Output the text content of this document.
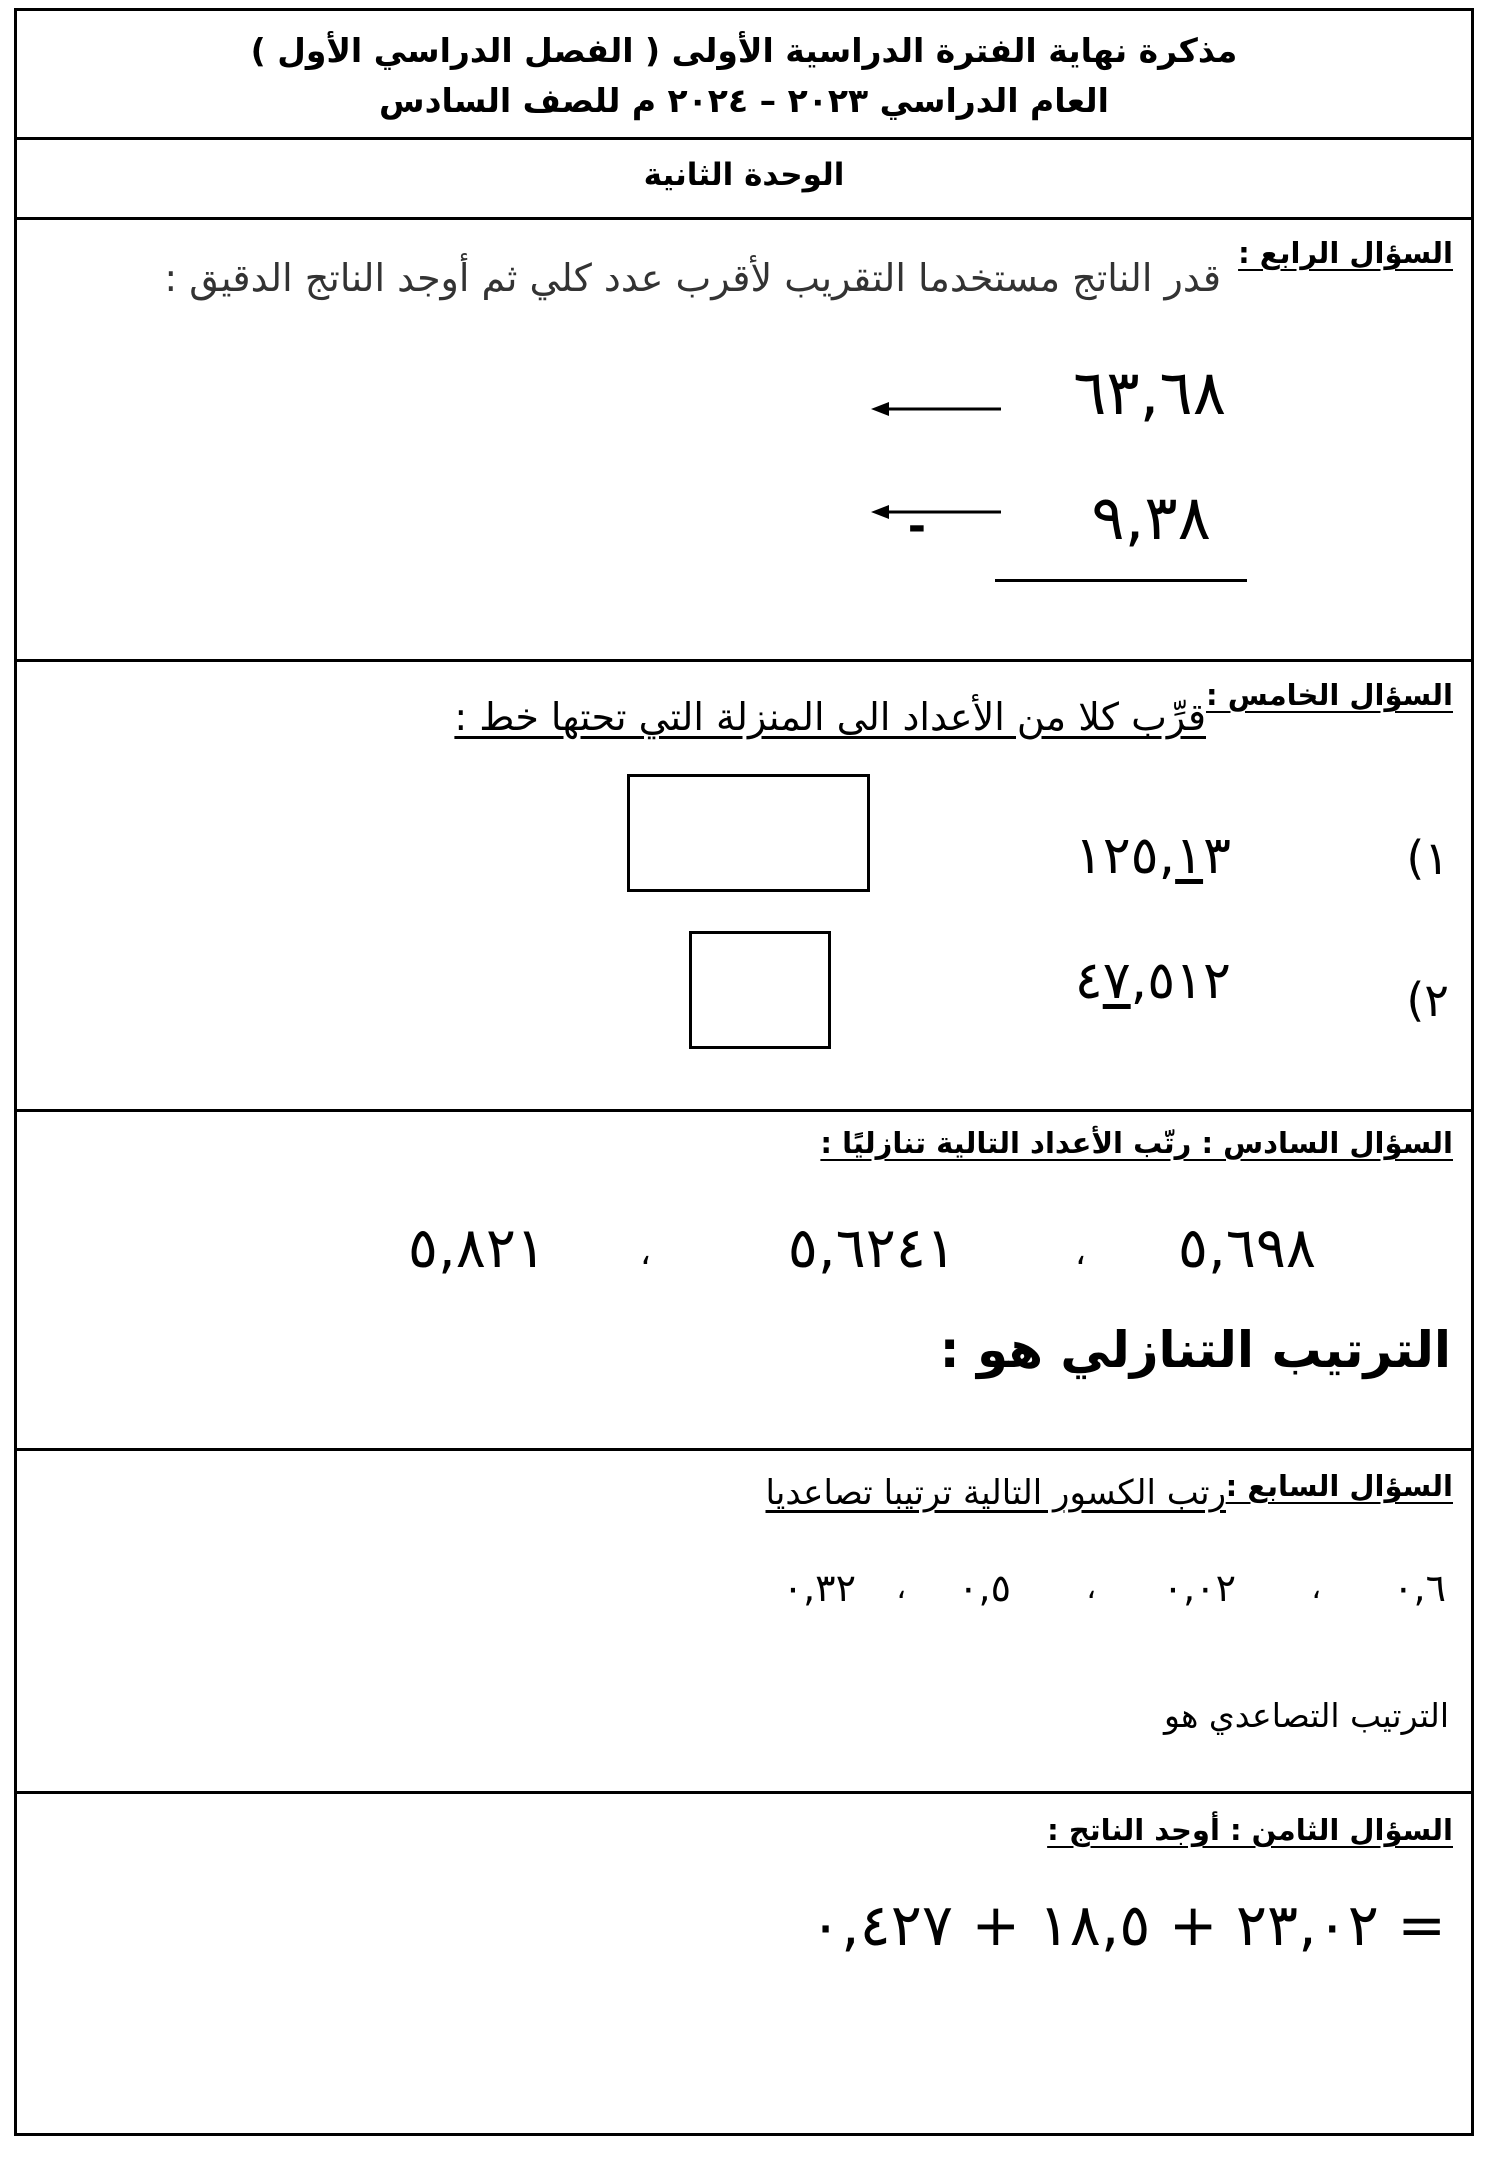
مذكرة نهاية الفترة الدراسية الأولى ( الفصل الدراسي الأول )
العام الدراسي ٢٠٢٣ – ٢٠٢٤ م للصف السادس
الوحدة الثانية
السؤال الرابع :
قدر الناتج مستخدما التقريب لأقرب عدد كلي ثم أوجد الناتج الدقيق :
٦٣,٦٨
-	٩,٣٨
السؤال الخامس :
قرِّب كلا من الأعداد الى المنزلة التي تحتها خط :
١)
١٢٥,١٣
٢)
٤٧,٥١٢
السؤال السادس : رتّب الأعداد التالية تنازليًا :
٥,٦٩٨
،
٥,٦٢٤١
،
٥,٨٢١
الترتيب التنازلي هو :
السؤال السابع :
رتب الكسور التالية ترتيبا تصاعديا
٠,٦
،
٠,٠٢
،
٠,٥
،
٠,٣٢
الترتيب التصاعدي هو
السؤال الثامن : أوجد الناتج :
= ٢٣,٠٢ + ١٨,٥ + ٠,٤٢٧
